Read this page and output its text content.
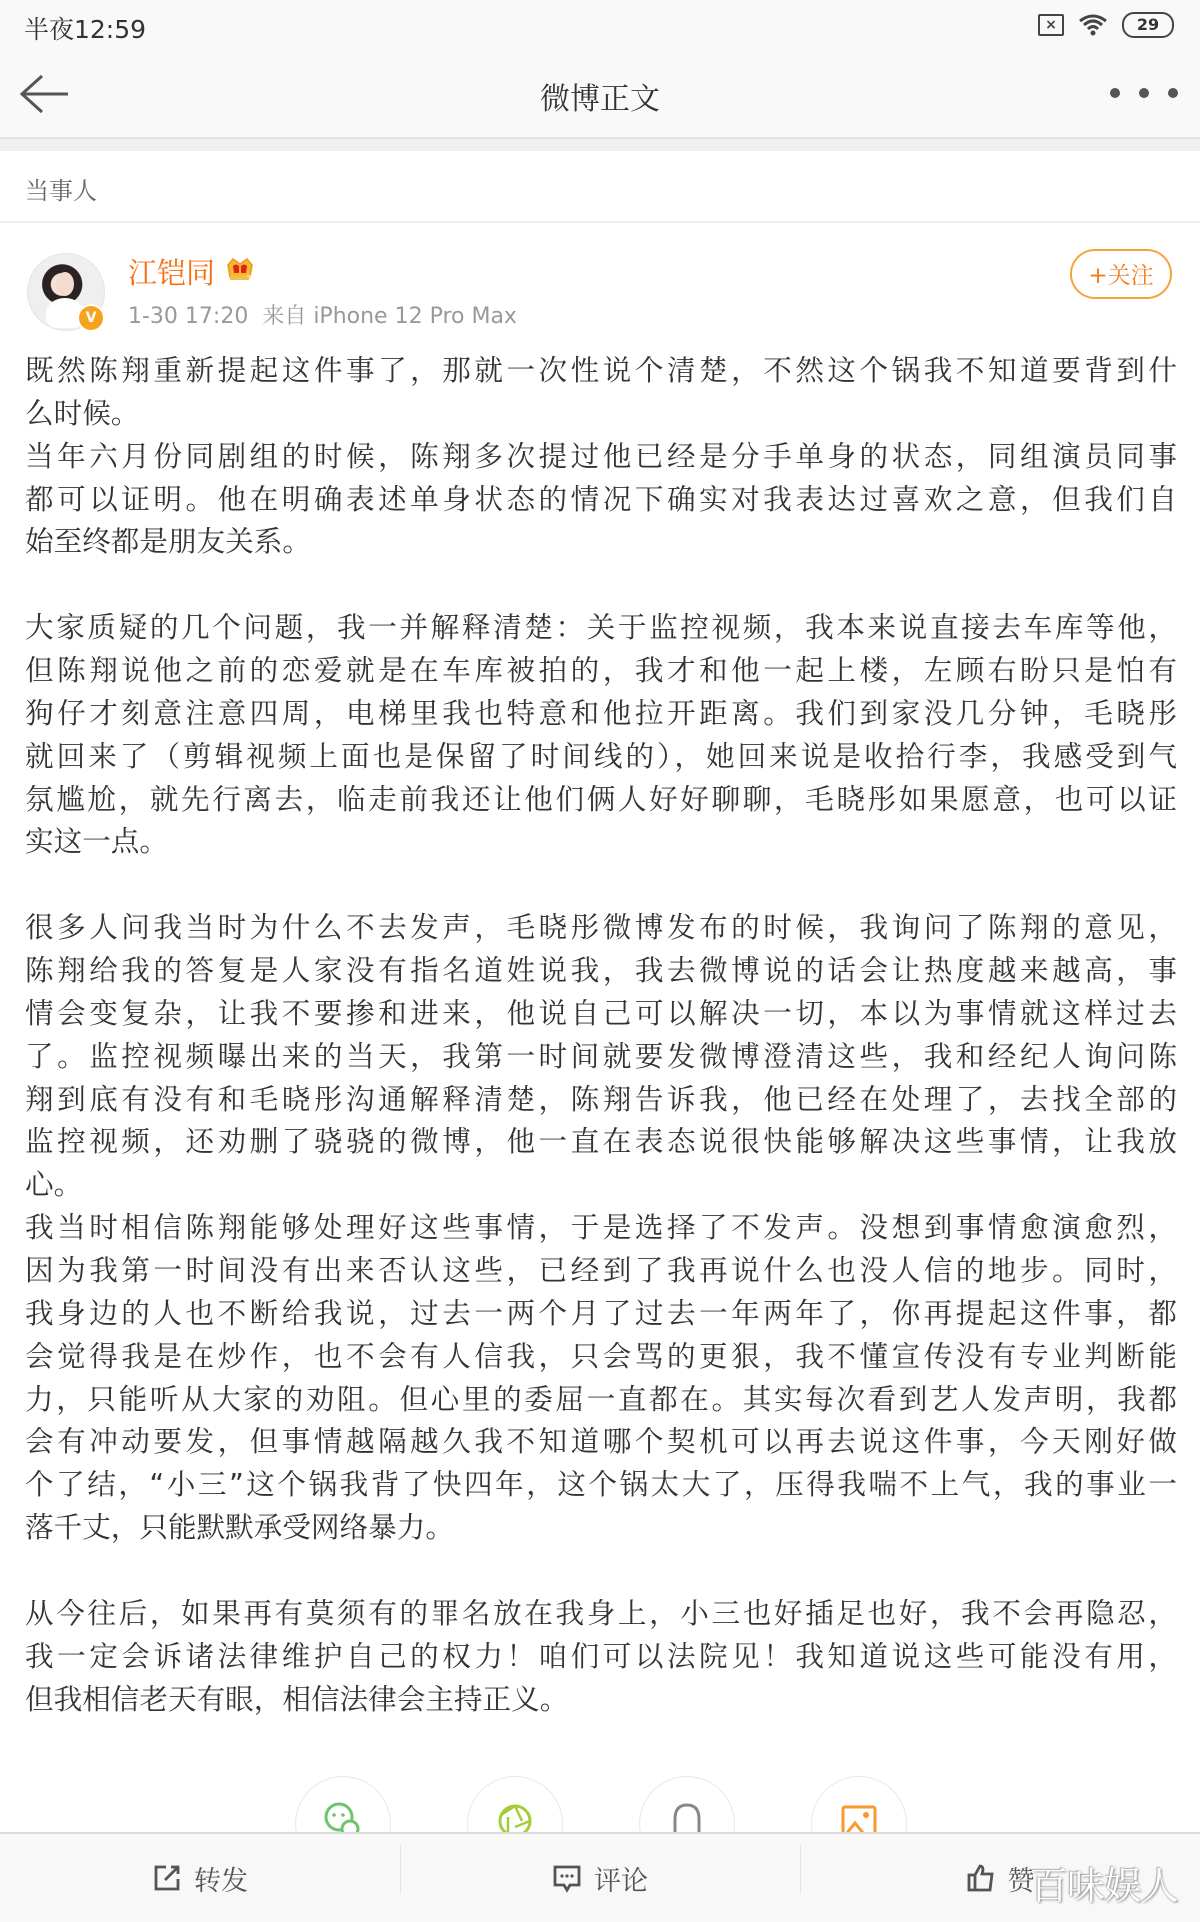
半夜12:59	×	29
微博正文
当事人
V
江铠同	7
1-30 17:20 来自 iPhone 12 Pro Max
+关注
既然陈翔重新提起这件事了，那就一次性说个清楚，不然这个锅我不知道要背到什
么时候。
当年六月份同剧组的时候，陈翔多次提过他已经是分手单身的状态，同组演员同事
都可以证明。他在明确表述单身状态的情况下确实对我表达过喜欢之意，但我们自
始至终都是朋友关系。
大家质疑的几个问题，我一并解释清楚：关于监控视频，我本来说直接去车库等他，
但陈翔说他之前的恋爱就是在车库被拍的，我才和他一起上楼，左顾右盼只是怕有
狗仔才刻意注意四周，电梯里我也特意和他拉开距离。我们到家没几分钟，毛晓彤
就回来了（剪辑视频上面也是保留了时间线的），她回来说是收拾行李，我感受到气
氛尴尬，就先行离去，临走前我还让他们俩人好好聊聊，毛晓彤如果愿意，也可以证
实这一点。
很多人问我当时为什么不去发声，毛晓彤微博发布的时候，我询问了陈翔的意见，
陈翔给我的答复是人家没有指名道姓说我，我去微博说的话会让热度越来越高，事
情会变复杂，让我不要掺和进来，他说自己可以解决一切，本以为事情就这样过去
了。监控视频曝出来的当天，我第一时间就要发微博澄清这些，我和经纪人询问陈
翔到底有没有和毛晓彤沟通解释清楚，陈翔告诉我，他已经在处理了，去找全部的
监控视频，还劝删了骁骁的微博，他一直在表态说很快能够解决这些事情，让我放
心。
我当时相信陈翔能够处理好这些事情，于是选择了不发声。没想到事情愈演愈烈，
因为我第一时间没有出来否认这些，已经到了我再说什么也没人信的地步。同时，
我身边的人也不断给我说，过去一两个月了过去一年两年了，你再提起这件事，都
会觉得我是在炒作，也不会有人信我，只会骂的更狠，我不懂宣传没有专业判断能
力，只能听从大家的劝阻。但心里的委屈一直都在。其实每次看到艺人发声明，我都
会有冲动要发，但事情越隔越久我不知道哪个契机可以再去说这件事，今天刚好做
个了结，“小三”这个锅我背了快四年，这个锅太大了，压得我喘不上气，我的事业一
落千丈，只能默默承受网络暴力。
从今往后，如果再有莫须有的罪名放在我身上，小三也好插足也好，我不会再隐忍，
我一定会诉诸法律维护自己的权力！咱们可以法院见！我知道说这些可能没有用，
但我相信老天有眼，相信法律会主持正义。
转发	评论	赞
百味娱人
